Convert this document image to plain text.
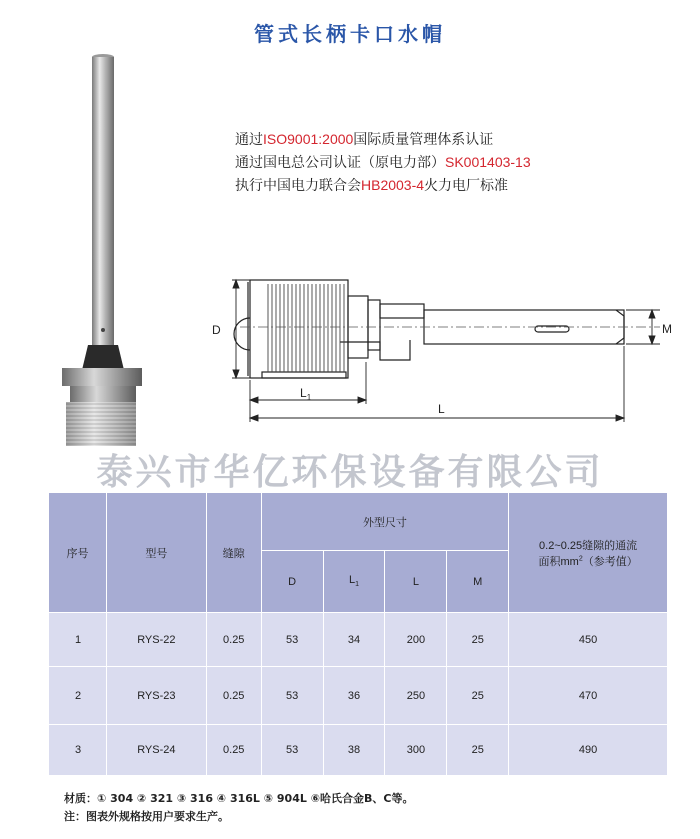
管式长柄卡口水帽
通过ISO9001:2000国际质量管理体系认证
通过国电总公司认证（原电力部）SK001403-13
执行中国电力联合会HB2003-4火力电厂标准
D
$L_1$
L
M
泰兴市华亿环保设备有限公司
序号	型号	缝隙	外型尺寸				0.2~0.25缝隙的通流
面积$mm^2$（参考值）

			D	$L_1$	L	M	
1	RYS-22	0.25	53	34	200	25	450
2	RYS-23	0.25	53	36	250	25	470
3	RYS-24	0.25	53	38	300	25	490
材质：① 304 ② 321 ③ 316 ④ 316L ⑤ 904L ⑥哈氏合金B、C等。
注：图表外规格按用户要求生产。
